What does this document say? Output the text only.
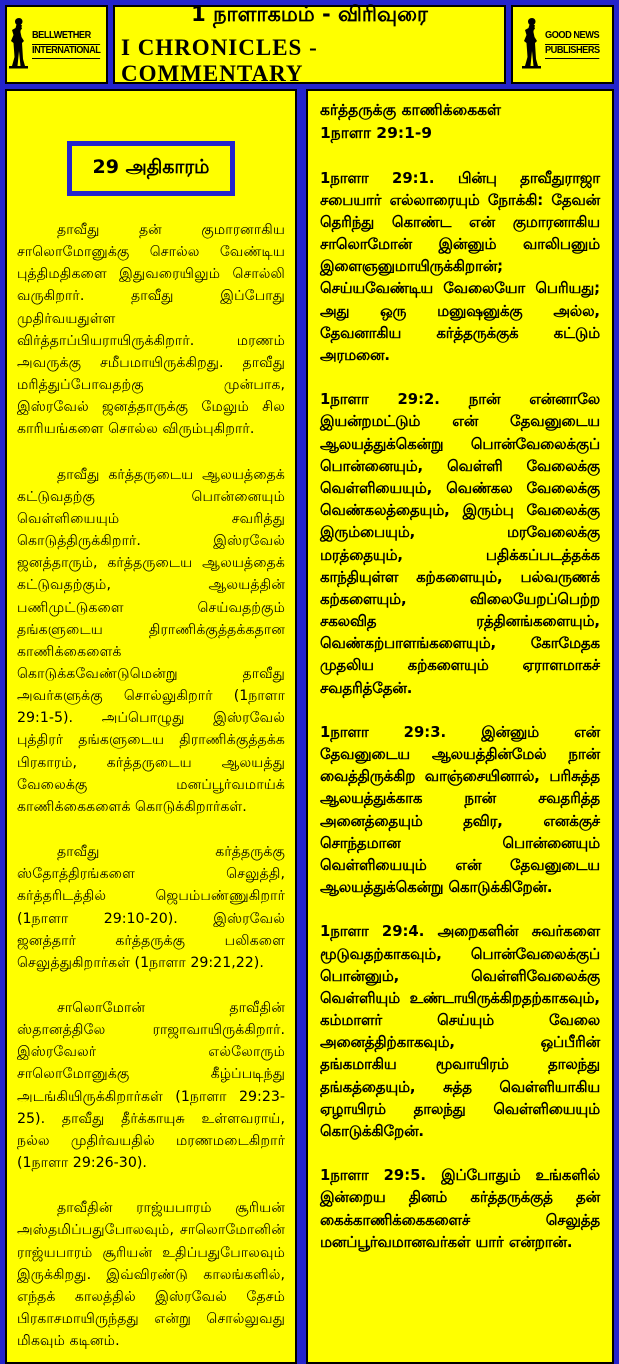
BELLWETHER
INTERNATIONAL
1 நாளாகமம் - விரிவுரை
I CHRONICLES - COMMENTARY
GOOD NEWS
PUBLISHERS
29 அதிகாரம்
தாவீது தன் குமாரனாகிய சாலொமோனுக்கு சொல்ல வேண்டிய புத்திமதிகளை இதுவரையிலும் சொல்லி வருகிறார். தாவீது இப்போது முதிர்வயதுள்ள விர்த்தாப்பியராயிருக்கிறார். மரணம் அவருக்கு சமீபமாயிருக்கிறது. தாவீது மரித்துப்போவதற்கு முன்பாக, இஸ்ரவேல் ஜனத்தாருக்கு மேலும் சில காரியங்களை சொல்ல விரும்புகிறார்.
தாவீது கர்த்தருடைய ஆலயத்தைக் கட்டுவதற்கு பொன்னையும் வெள்ளியையும் சவரித்து கொடுத்திருக்கிறார். இஸ்ரவேல் ஜனத்தாரும், கர்த்தருடைய ஆலயத்தைக் கட்டுவதற்கும், ஆலயத்தின் பணிமுட்டுகளை செய்வதற்கும் தங்களுடைய திராணிக்குத்தக்கதான காணிக்கைளைக் கொடுக்கவேண்டுமென்று தாவீது அவர்களுக்கு சொல்லுகிறார் (1நாளா 29:1-5). அப்பொழுது இஸ்ரவேல் புத்திரர் தங்களுடைய திராணிக்குத்தக்க பிரகாரம், கர்த்தருடைய ஆலயத்து வேலைக்கு மனப்பூர்வமாய்க் காணிக்கைகளைக் கொடுக்கிறார்கள்.
தாவீது கர்த்தருக்கு ஸ்தோத்திரங்களை செலுத்தி, கர்த்தரிடத்தில் ஜெபம்பண்ணுகிறார் (1நாளா 29:10-20). இஸ்ரவேல் ஜனத்தார் கர்த்தருக்கு பலிகளை செலுத்துகிறார்கள் (1நாளா 29:21,22).
சாலொமோன் தாவீதின் ஸ்தானத்திலே ராஜாவாயிருக்கிறார். இஸ்ரவேலர் எல்லோரும் சாலொமோனுக்கு கீழ்ப்படிந்து அடங்கியிருக்கிறார்கள் (1நாளா 29:23-25). தாவீது தீர்க்காயுசு உள்ளவராய், நல்ல முதிர்வயதில் மரணமடைகிறார் (1நாளா 29:26-30).
தாவீதின் ராஜ்யபாரம் சூரியன் அஸ்தமிப்பதுபோலவும், சாலொமோனின் ராஜ்யபாரம் சூரியன் உதிப்பதுபோலவும் இருக்கிறது. இவ்விரண்டு காலங்களில், எந்தக் காலத்தில் இஸ்ரவேல் தேசம் பிரகாசமாயிருந்தது என்று சொல்லுவது மிகவும் கடினம்.
கர்த்தருக்கு காணிக்கைகள்
1நாளா 29:1-9
1நாளா 29:1. பின்பு தாவீதுராஜா சபையார் எல்லாரையும் நோக்கி: தேவன் தெரிந்து கொண்ட என் குமாரனாகிய சாலொமோன் இன்னும் வாலிபனும் இளைஞனுமாயிருக்கிறான்; செய்யவேண்டிய வேலையோ பெரியது; அது ஒரு மனுஷனுக்கு அல்ல, தேவனாகிய கர்த்தருக்குக் கட்டும் அரமனை.
1நாளா 29:2. நான் என்னாலே இயன்றமட்டும் என் தேவனுடைய ஆலயத்துக்கென்று பொன்வேலைக்குப் பொன்னையும், வெள்ளி வேலைக்கு வெள்ளியையும், வெண்கல வேலைக்கு வெண்கலத்தையும், இரும்பு வேலைக்கு இரும்பையும், மரவேலைக்கு மரத்தையும், பதிக்கப்படத்தக்க காந்தியுள்ள கற்களையும், பல்வருணக் கற்களையும், விலையேறப்பெற்ற சகலவித ரத்தினங்களையும், வெண்கற்பாளங்களையும், கோமேதக முதலிய கற்களையும் ஏராளமாகச் சவதரித்தேன்.
1நாளா 29:3. இன்னும் என் தேவனுடைய ஆலயத்தின்மேல் நான் வைத்திருக்கிற வாஞ்சையினால், பரிசுத்த ஆலயத்துக்காக நான் சவதரித்த அனைத்தையும் தவிர, எனக்குச் சொந்தமான பொன்னையும் வெள்ளியையும் என் தேவனுடைய ஆலயத்துக்கென்று கொடுக்கிறேன்.
1நாளா 29:4. அறைகளின் சுவர்களை மூடுவதற்காகவும், பொன்வேலைக்குப் பொன்னும், வெள்ளிவேலைக்கு வெள்ளியும் உண்டாயிருக்கிறதற்காகவும், கம்மாளர் செய்யும் வேலை அனைத்திற்காகவும், ஒப்பீரின் தங்கமாகிய மூவாயிரம் தாலந்து தங்கத்தையும், சுத்த வெள்ளியாகிய ஏழாயிரம் தாலந்து வெள்ளியையும் கொடுக்கிறேன்.
1நாளா 29:5. இப்போதும் உங்களில் இன்றைய தினம் கர்த்தருக்குத் தன் கைக்காணிக்கைகளைச் செலுத்த மனப்பூர்வமானவர்கள் யார் என்றான்.
